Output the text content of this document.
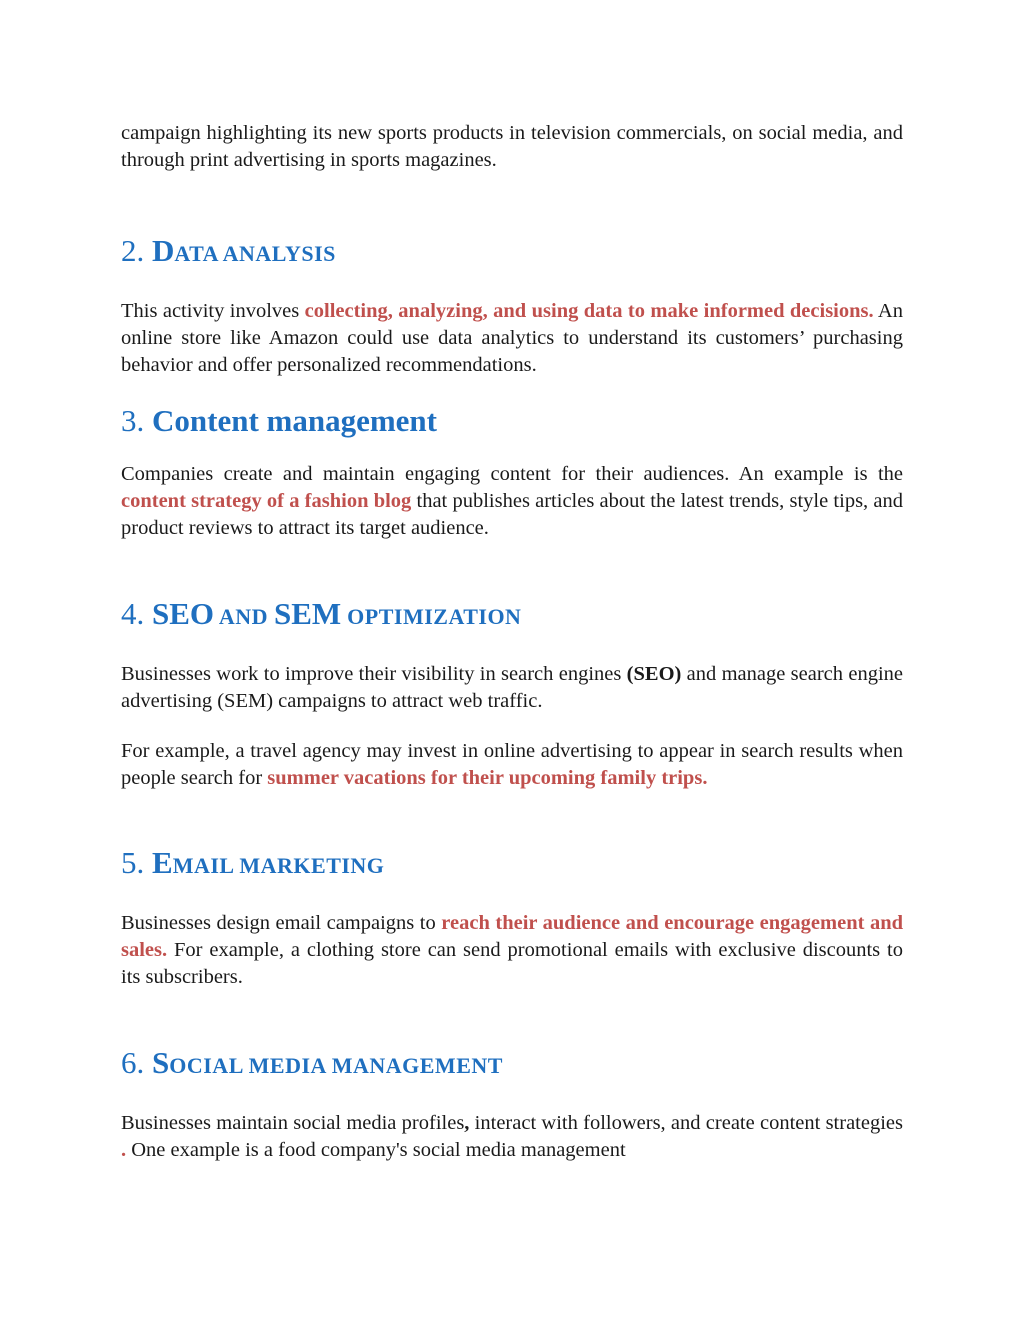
campaign highlighting its new sports products in television commercials, on social media, and through print advertising in sports magazines.

2. DATA ANALYSIS

This activity involves collecting, analyzing, and using data to make informed decisions. An online store like Amazon could use data analytics to understand its customers’ purchasing behavior and offer personalized recommendations.

3. Content management

Companies create and maintain engaging content for their audiences. An example is the content strategy of a fashion blog that publishes articles about the latest trends, style tips, and product reviews to attract its target audience.

4. SEO AND SEM OPTIMIZATION

Businesses work to improve their visibility in search engines (SEO) and manage search engine advertising (SEM) campaigns to attract web traffic.

For example, a travel agency may invest in online advertising to appear in search results when people search for summer vacations for their upcoming family trips.

5. EMAIL MARKETING

Businesses design email campaigns to reach their audience and encourage engagement and sales. For example, a clothing store can send promotional emails with exclusive discounts to its subscribers.

6. SOCIAL MEDIA MANAGEMENT

Businesses maintain social media profiles, interact with followers, and create content strategies . One example is a food company's social media management
